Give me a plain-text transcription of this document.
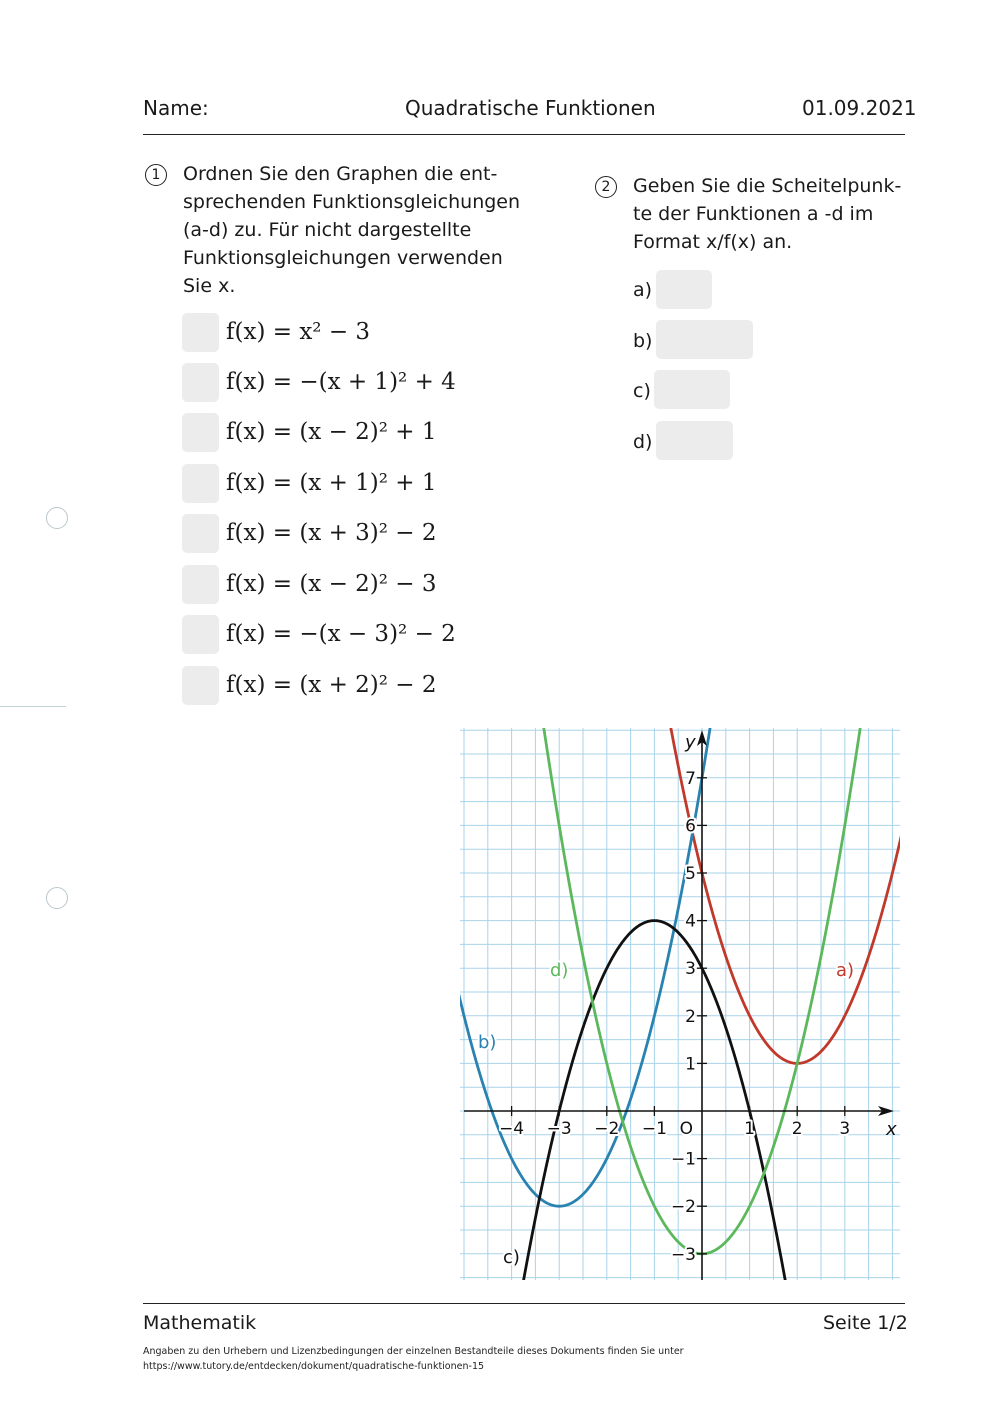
Name:	Quadratische Funktionen	01.09.2021
1	Ordnen Sie den Graphen die ent-
sprechenden Funktionsgleichungen
(a-d) zu. Für nicht dargestellte
Funktionsgleichungen verwenden
Sie x.
f(x) = x² − 3
f(x) = −(x + 1)² + 4
f(x) = (x − 2)² + 1
f(x) = (x + 1)² + 1
f(x) = (x + 3)² − 2
f(x) = (x − 2)² − 3
f(x) = −(x − 3)² − 2
f(x) = (x + 2)² − 2
2	Geben Sie die Scheitelpunk-
te der Funktionen a -d im
Format x/f(x) an.
a)
b)
c)
d)
−4 −3 −2 −1	1 2 3
−3
−2
−1
1
2
3
4
5
6
7
O	x
y
a)
b)
c)
d)
Mathematik	Seite 1/2
Angaben zu den Urhebern und Lizenzbedingungen der einzelnen Bestandteile dieses Dokuments finden Sie unter
https://www.tutory.de/entdecken/dokument/quadratische-funktionen-15
